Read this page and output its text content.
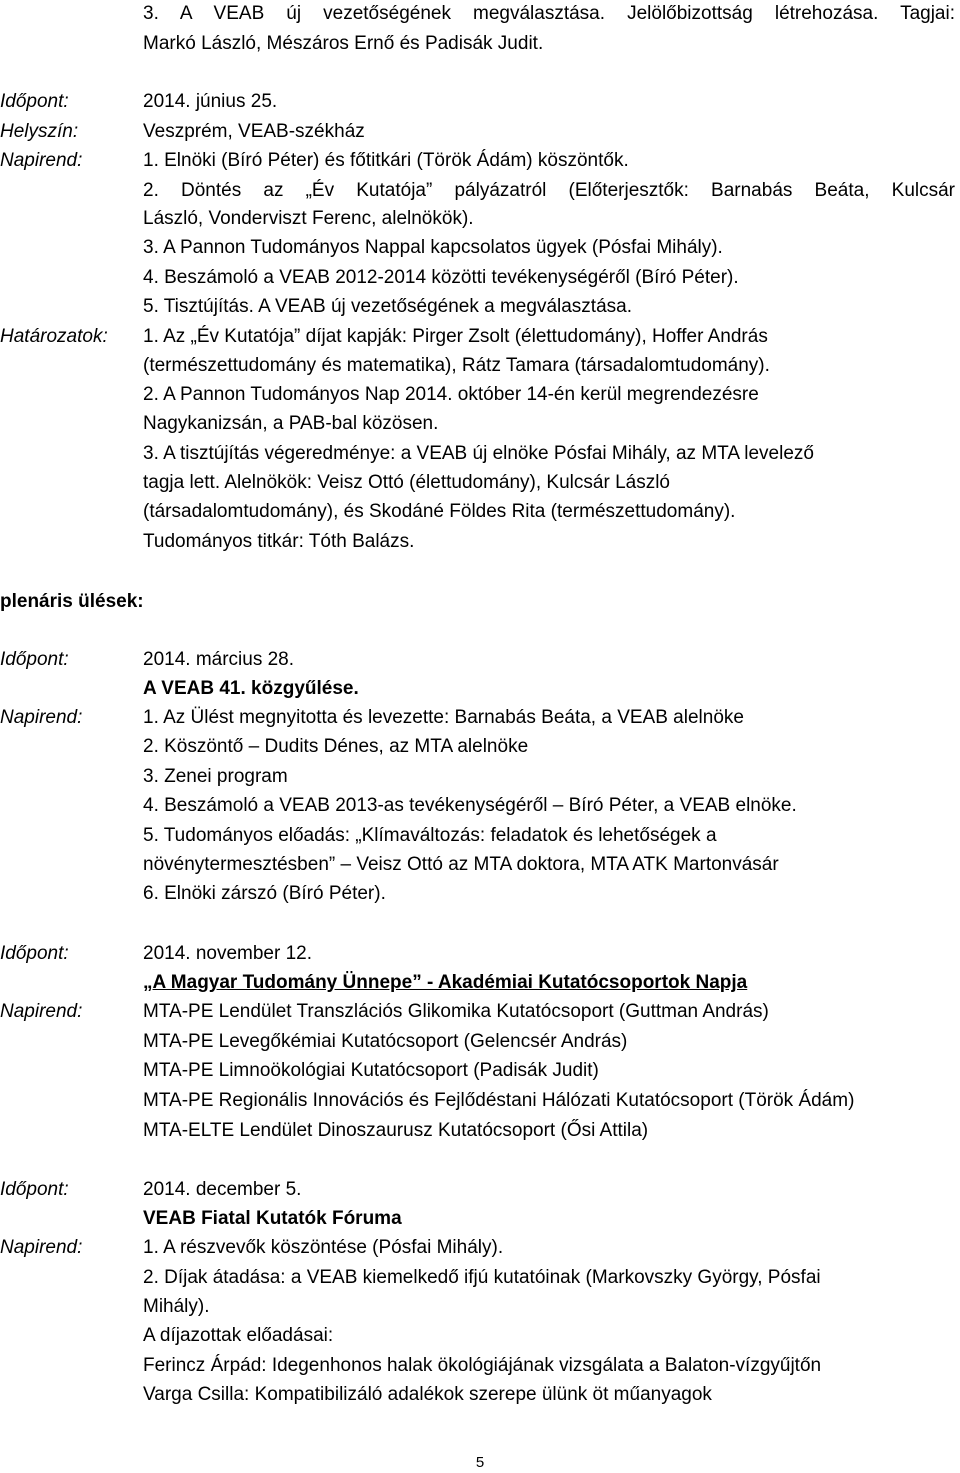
3. A VEAB új vezetőségének megválasztása. Jelölőbizottság létrehozása. Tagjai:
Markó László, Mészáros Ernő és Padisák Judit.
Időpont:	2014. június 25.
Helyszín:	Veszprém, VEAB-székház
Napirend:	1. Elnöki (Bíró Péter) és főtitkári (Török Ádám) köszöntők.
2. Döntés az „Év Kutatója” pályázatról (Előterjesztők: Barnabás Beáta, Kulcsár
László, Vonderviszt Ferenc, alelnökök).
3. A Pannon Tudományos Nappal kapcsolatos ügyek (Pósfai Mihály).
4. Beszámoló a VEAB 2012-2014 közötti tevékenységéről (Bíró Péter).
5. Tisztújítás. A VEAB új vezetőségének a megválasztása.
Határozatok: 1. Az „Év Kutatója” díjat kapják: Pirger Zsolt (élettudomány), Hoffer András
(természettudomány és matematika), Rátz Tamara (társadalomtudomány).
2. A Pannon Tudományos Nap 2014. október 14-én kerül megrendezésre
Nagykanizsán, a PAB-bal közösen.
3. A tisztújítás végeredménye: a VEAB új elnöke Pósfai Mihály, az MTA levelező
tagja lett. Alelnökök: Veisz Ottó (élettudomány), Kulcsár László
(társadalomtudomány), és Skodáné Földes Rita (természettudomány).
Tudományos titkár: Tóth Balázs.
plenáris ülések:
Időpont:	2014. március 28.
A VEAB 41. közgyűlése.
Napirend:	1. Az Ülést megnyitotta és levezette: Barnabás Beáta, a VEAB alelnöke
2. Köszöntő – Dudits Dénes, az MTA alelnöke
3. Zenei program
4. Beszámoló a VEAB 2013-as tevékenységéről – Bíró Péter, a VEAB elnöke.
5. Tudományos előadás: „Klímaváltozás: feladatok és lehetőségek a
növénytermesztésben” – Veisz Ottó az MTA doktora, MTA ATK Martonvásár
6. Elnöki zárszó (Bíró Péter).
Időpont:	2014. november 12.
„A Magyar Tudomány Ünnepe” - Akadémiai Kutatócsoportok Napja
Napirend:	MTA-PE Lendület Transzlációs Glikomika Kutatócsoport (Guttman András)
MTA-PE Levegőkémiai Kutatócsoport (Gelencsér András)
MTA-PE Limnoökológiai Kutatócsoport (Padisák Judit)
MTA-PE Regionális Innovációs és Fejlődéstani Hálózati Kutatócsoport (Török Ádám)
MTA-ELTE Lendület Dinoszaurusz Kutatócsoport (Ősi Attila)
Időpont:	2014. december 5.
VEAB Fiatal Kutatók Fóruma
Napirend:	1. A részvevők köszöntése (Pósfai Mihály).
2. Díjak átadása: a VEAB kiemelkedő ifjú kutatóinak (Markovszky György, Pósfai
Mihály).
A díjazottak előadásai:
Ferincz Árpád: Idegenhonos halak ökológiájának vizsgálata a Balaton-vízgyűjtőn
Varga Csilla: Kompatibilizáló adalékok szerepe ülünk öt műanyagok
5
